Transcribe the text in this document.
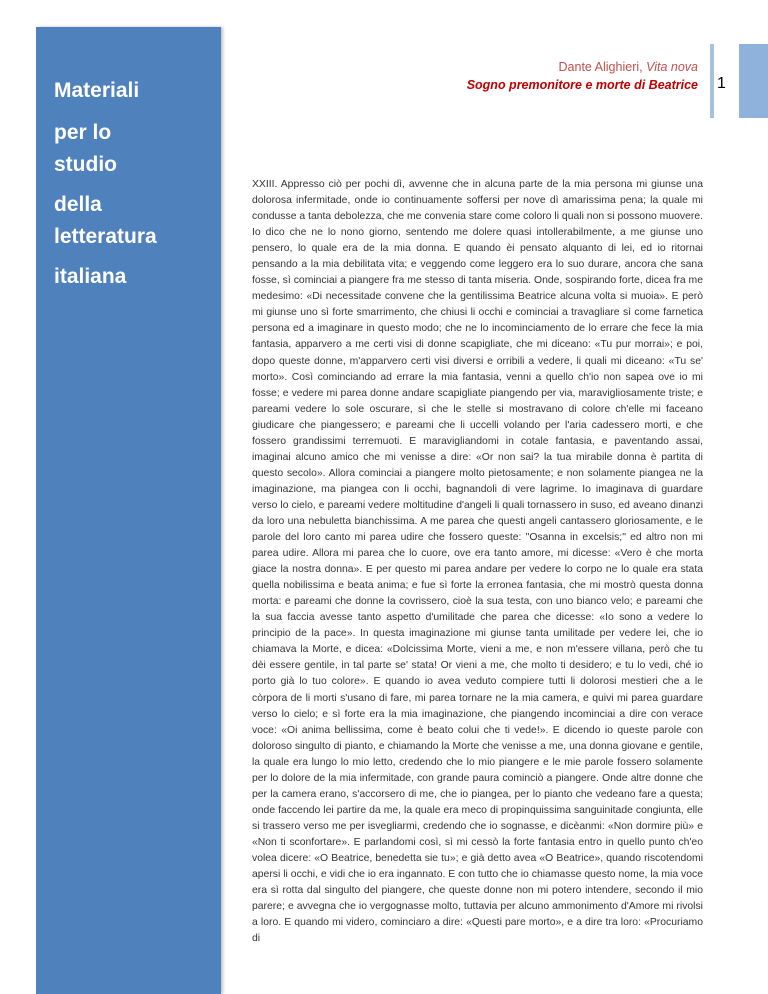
Materiali
per lo
studio
della
letteratura
italiana
Dante Alighieri, Vita nova
Sogno premonitore e morte di Beatrice 1

XXIII. Appresso ciò per pochi dì, avvenne che in alcuna parte de la mia persona mi giunse una dolorosa infermitade, onde io continuamente soffersi per nove dì amarissima pena; la quale mi condusse a tanta debolezza, che me convenia stare come coloro li quali non si possono muovere. Io dico che ne lo nono giorno, sentendo me dolere quasi intollerabilmente, a me giunse uno pensero, lo quale era de la mia donna. E quando èi pensato alquanto di lei, ed io ritornai pensando a la mia debilitata vita; e veggendo come leggero era lo suo durare, ancora che sana fosse, sì cominciai a piangere fra me stesso di tanta miseria. Onde, sospirando forte, dicea fra me medesimo: «Di necessitade convene che la gentilissima Beatrice alcuna volta si muoia». E però mi giunse uno sì forte smarrimento, che chiusi li occhi e cominciai a travagliare sì come farnetica persona ed a imaginare in questo modo; che ne lo incominciamento de lo errare che fece la mia fantasia, apparvero a me certi visi di donne scapigliate, che mi diceano: «Tu pur morrai»; e poi, dopo queste donne, m'apparvero certi visi diversi e orribili a vedere, li quali mi diceano: «Tu se' morto». Così cominciando ad errare la mia fantasia, venni a quello ch'io non sapea ove io mi fosse; e vedere mi parea donne andare scapigliate piangendo per via, maravigliosamente triste; e pareami vedere lo sole oscurare, sì che le stelle si mostravano di colore ch'elle mi faceano giudicare che piangessero; e pareami che li uccelli volando per l'aria cadessero morti, e che fossero grandissimi terremuoti. E maravigliandomi in cotale fantasia, e paventando assai, imaginai alcuno amico che mi venisse a dire: «Or non sai? la tua mirabile donna è partita di questo secolo». Allora cominciai a piangere molto pietosamente; e non solamente piangea ne la imaginazione, ma piangea con li occhi, bagnandoli di vere lagrime. Io imaginava di guardare verso lo cielo, e pareami vedere moltitudine d'angeli li quali tornassero in suso, ed aveano dinanzi da loro una nebuletta bianchissima. A me parea che questi angeli cantassero gloriosamente, e le parole del loro canto mi parea udire che fossero queste: "Osanna in excelsis;" ed altro non mi parea udire. Allora mi parea che lo cuore, ove era tanto amore, mi dicesse: «Vero è che morta giace la nostra donna». E per questo mi parea andare per vedere lo corpo ne lo quale era stata quella nobilissima e beata anima; e fue sì forte la erronea fantasia, che mi mostrò questa donna morta: e pareami che donne la covrissero, cioè la sua testa, con uno bianco velo; e pareami che la sua faccia avesse tanto aspetto d'umilitade che parea che dicesse: «Io sono a vedere lo principio de la pace». In questa imaginazione mi giunse tanta umilitade per vedere lei, che io chiamava la Morte, e dicea: «Dolcissima Morte, vieni a me, e non m'essere villana, però che tu dèi essere gentile, in tal parte se' stata! Or vieni a me, che molto ti desidero; e tu lo vedi, ché io porto già lo tuo colore». E quando io avea veduto compiere tutti li dolorosi mestieri che a le còrpora de li morti s'usano di fare, mi parea tornare ne la mia camera, e quivi mi parea guardare verso lo cielo; e sì forte era la mia imaginazione, che piangendo incominciai a dire con verace voce: «Oi anima bellissima, come è beato colui che ti vede!». E dicendo io queste parole con doloroso singulto di pianto, e chiamando la Morte che venisse a me, una donna giovane e gentile, la quale era lungo lo mio letto, credendo che lo mio piangere e le mie parole fossero solamente per lo dolore de la mia infermitade, con grande paura cominciò a piangere. Onde altre donne che per la camera erano, s'accorsero di me, che io piangea, per lo pianto che vedeano fare a questa; onde faccendo lei partire da me, la quale era meco di propinquissima sanguinitade congiunta, elle si trassero verso me per isvegliarmi, credendo che io sognasse, e dicèanmi: «Non dormire più» e «Non ti sconfortare». E parlandomi così, sì mi cessò la forte fantasia entro in quello punto ch'eo volea dicere: «O Beatrice, benedetta sie tu»; e già detto avea «O Beatrice», quando riscotendomi apersi li occhi, e vidi che io era ingannato. E con tutto che io chiamasse questo nome, la mia voce era sì rotta dal singulto del piangere, che queste donne non mi potero intendere, secondo il mio parere; e avvegna che io vergognasse molto, tuttavia per alcuno ammonimento d'Amore mi rivolsi a loro. E quando mi videro, cominciaro a dire: «Questi pare morto», e a dire tra loro: «Procuriamo di
